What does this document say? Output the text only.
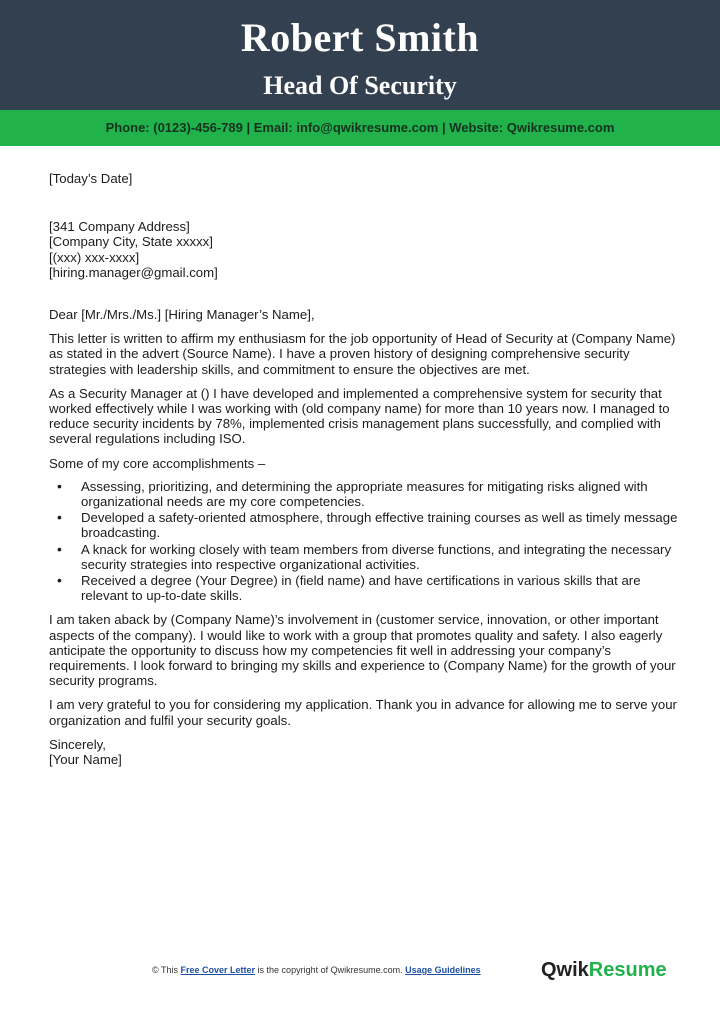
Robert Smith
Head Of Security
Phone: (0123)-456-789 | Email: info@qwikresume.com | Website: Qwikresume.com

[Today’s Date]

[341 Company Address]
[Company City, State xxxxx]
[(xxx) xxx-xxxx]
[hiring.manager@gmail.com]

Dear [Mr./Mrs./Ms.] [Hiring Manager’s Name],

This letter is written to affirm my enthusiasm for the job opportunity of Head of Security at (Company Name) as stated in the advert (Source Name). I have a proven history of designing comprehensive security strategies with leadership skills, and commitment to ensure the objectives are met.

As a Security Manager at () I have developed and implemented a comprehensive system for security that worked effectively while I was working with (old company name) for more than 10 years now. I managed to reduce security incidents by 78%, implemented crisis management plans successfully, and complied with several regulations including ISO.

Some of my core accomplishments –

• Assessing, prioritizing, and determining the appropriate measures for mitigating risks aligned with organizational needs are my core competencies.
• Developed a safety-oriented atmosphere, through effective training courses as well as timely message broadcasting.
• A knack for working closely with team members from diverse functions, and integrating the necessary security strategies into respective organizational activities.
• Received a degree (Your Degree) in (field name) and have certifications in various skills that are relevant to up-to-date skills.

I am taken aback by (Company Name)’s involvement in (customer service, innovation, or other important aspects of the company). I would like to work with a group that promotes quality and safety. I also eagerly anticipate the opportunity to discuss how my competencies fit well in addressing your company’s requirements. I look forward to bringing my skills and experience to (Company Name) for the growth of your security programs.

I am very grateful to you for considering my application. Thank you in advance for allowing me to serve your organization and fulfil your security goals.

Sincerely,
[Your Name]

© This Free Cover Letter is the copyright of Qwikresume.com. Usage Guidelines	QwikResume
